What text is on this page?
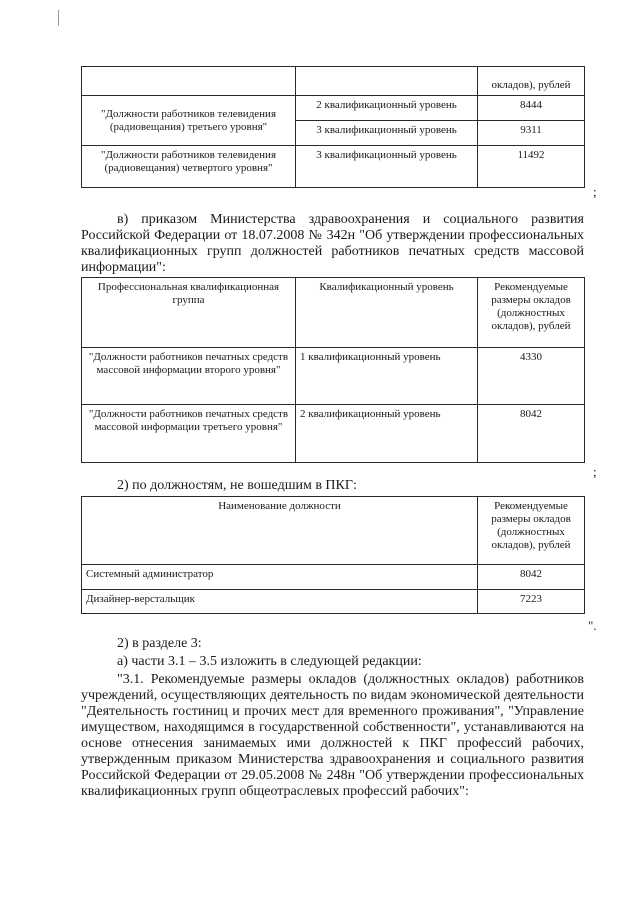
		окладов), рублей
"Должности работников телевидения (радиовещания) третьего уровня"	2 квалификационный уровень	8444
	3 квалификационный уровень	9311
"Должности работников телевидения (радиовещания) четвертого уровня"	3 квалификационный уровень	11492
;

в) приказом Министерства здравоохранения и социального развития Российской Федерации от 18.07.2008 № 342н "Об утверждении профессиональных квалификационных групп должностей работников печатных средств массовой информации":

Профессиональная квалификационная группа	Квалификационный уровень	Рекомендуемые размеры окладов (должностных окладов), рублей
"Должности работников печатных средств массовой информации второго уровня"	1 квалификационный уровень	4330
"Должности работников печатных средств массовой информации третьего уровня"	2 квалификационный уровень	8042
;

2) по должностям, не вошедшим в ПКГ:

Наименование должности	Рекомендуемые размеры окладов (должностных окладов), рублей
Системный администратор	8042
Дизайнер-верстальщик	7223
".

2) в разделе 3:

а) части 3.1 – 3.5 изложить в следующей редакции:

"3.1. Рекомендуемые размеры окладов (должностных окладов) работников учреждений, осуществляющих деятельность по видам экономической деятельности "Деятельность гостиниц и прочих мест для временного проживания", "Управление имуществом, находящимся в государственной собственности", устанавливаются на основе отнесения занимаемых ими должностей к ПКГ профессий рабочих, утвержденным приказом Министерства здравоохранения и социального развития Российской Федерации от 29.05.2008 № 248н "Об утверждении профессиональных квалификационных групп общеотраслевых профессий рабочих":
